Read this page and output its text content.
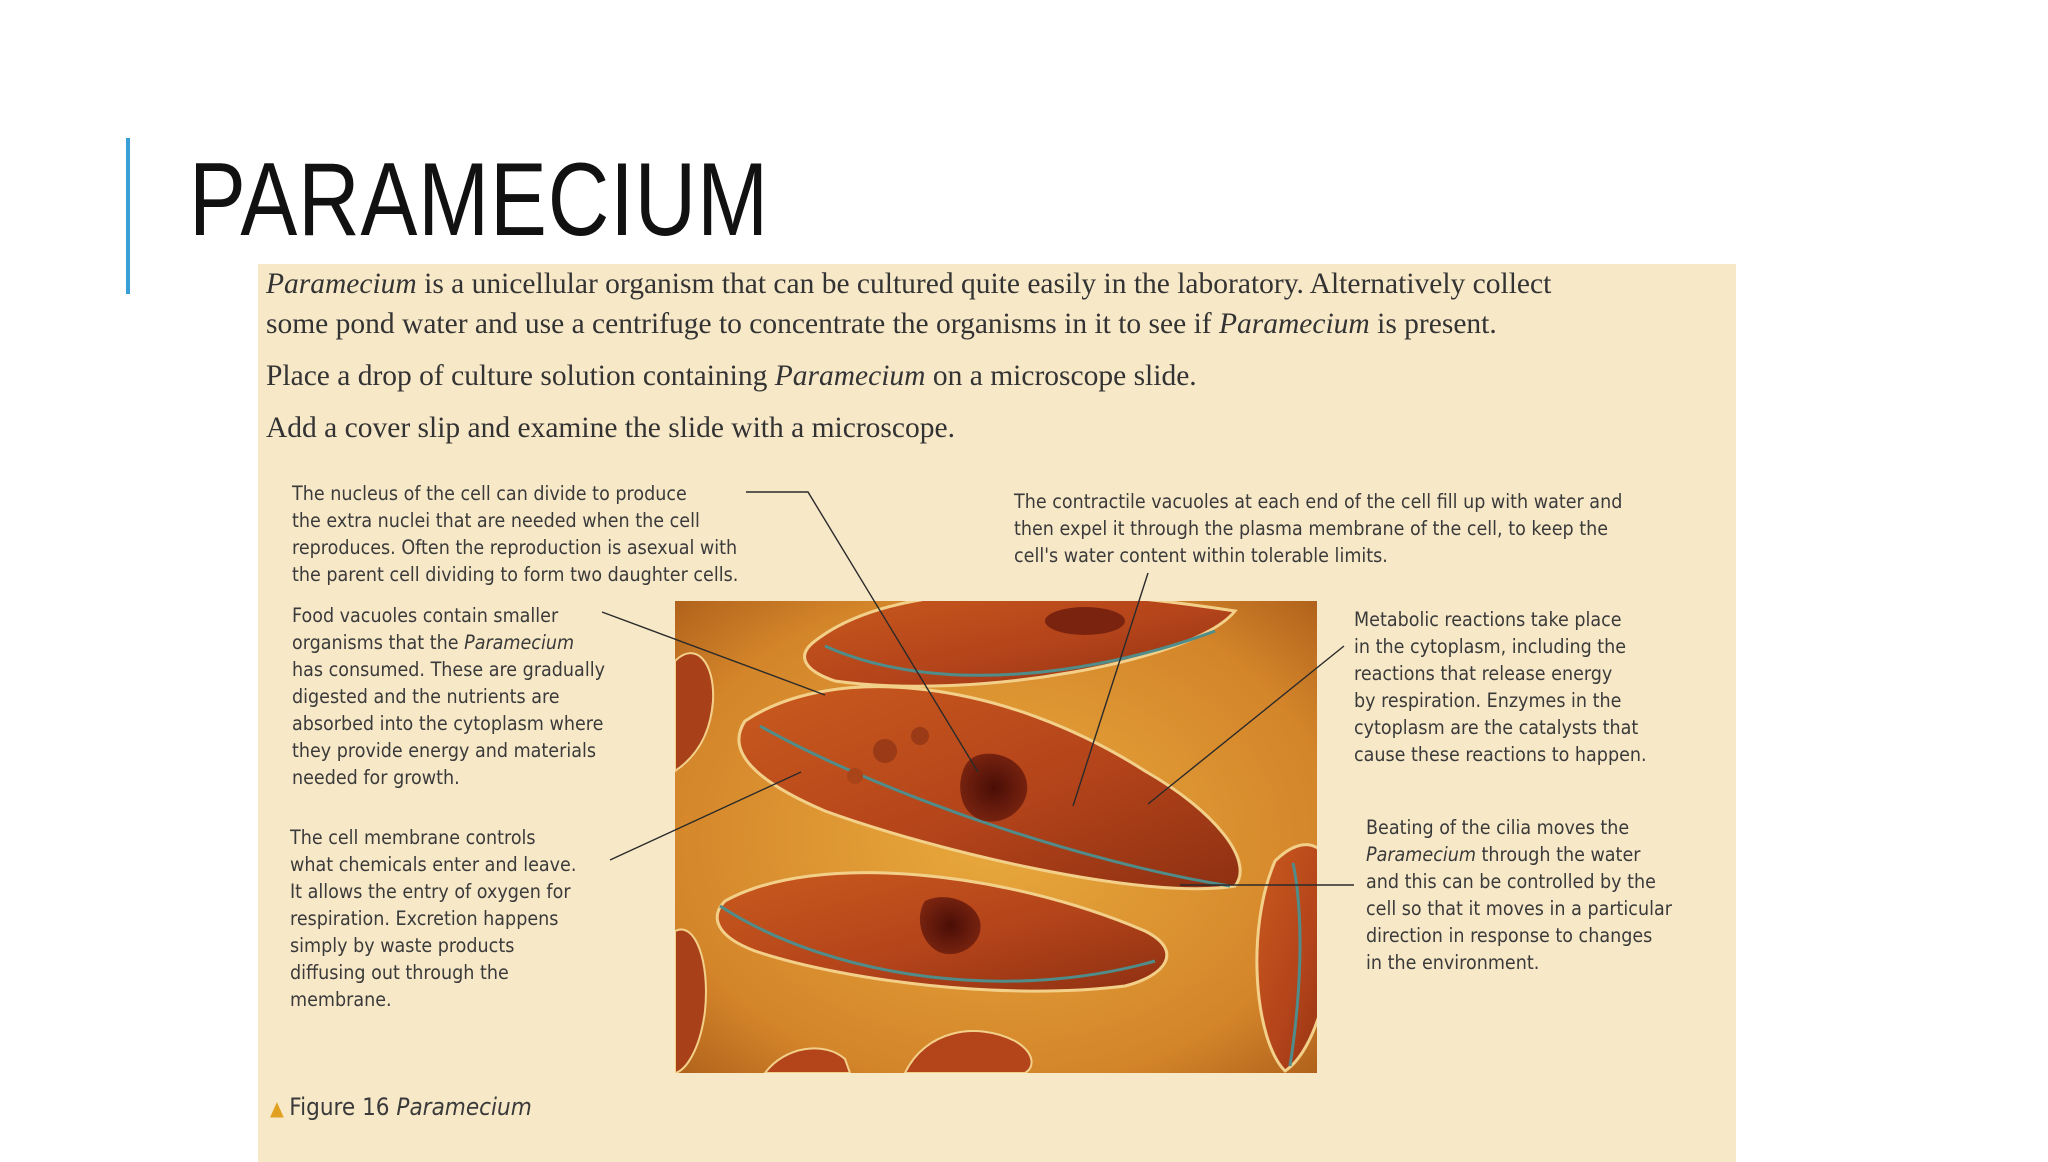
PARAMECIUM

Paramecium is a unicellular organism that can be cultured quite easily in the laboratory. Alternatively collect

some pond water and use a centrifuge to concentrate the organisms in it to see if Paramecium is present.

Place a drop of culture solution containing Paramecium on a microscope slide.

Add a cover slip and examine the slide with a microscope.

The nucleus of the cell can divide to produce
the extra nuclei that are needed when the cell
reproduces. Often the reproduction is asexual with
the parent cell dividing to form two daughter cells.
Food vacuoles contain smaller
organisms that the Paramecium
has consumed. These are gradually
digested and the nutrients are
absorbed into the cytoplasm where
they provide energy and materials
needed for growth.
The cell membrane controls
what chemicals enter and leave.
It allows the entry of oxygen for
respiration. Excretion happens
simply by waste products
diffusing out through the
membrane.
The contractile vacuoles at each end of the cell fill up with water and
then expel it through the plasma membrane of the cell, to keep the
cell's water content within tolerable limits.
Metabolic reactions take place
in the cytoplasm, including the
reactions that release energy
by respiration. Enzymes in the
cytoplasm are the catalysts that
cause these reactions to happen.
Beating of the cilia moves the
Paramecium through the water
and this can be controlled by the
cell so that it moves in a particular
direction in response to changes
in the environment.
▲ Figure 16 Paramecium
